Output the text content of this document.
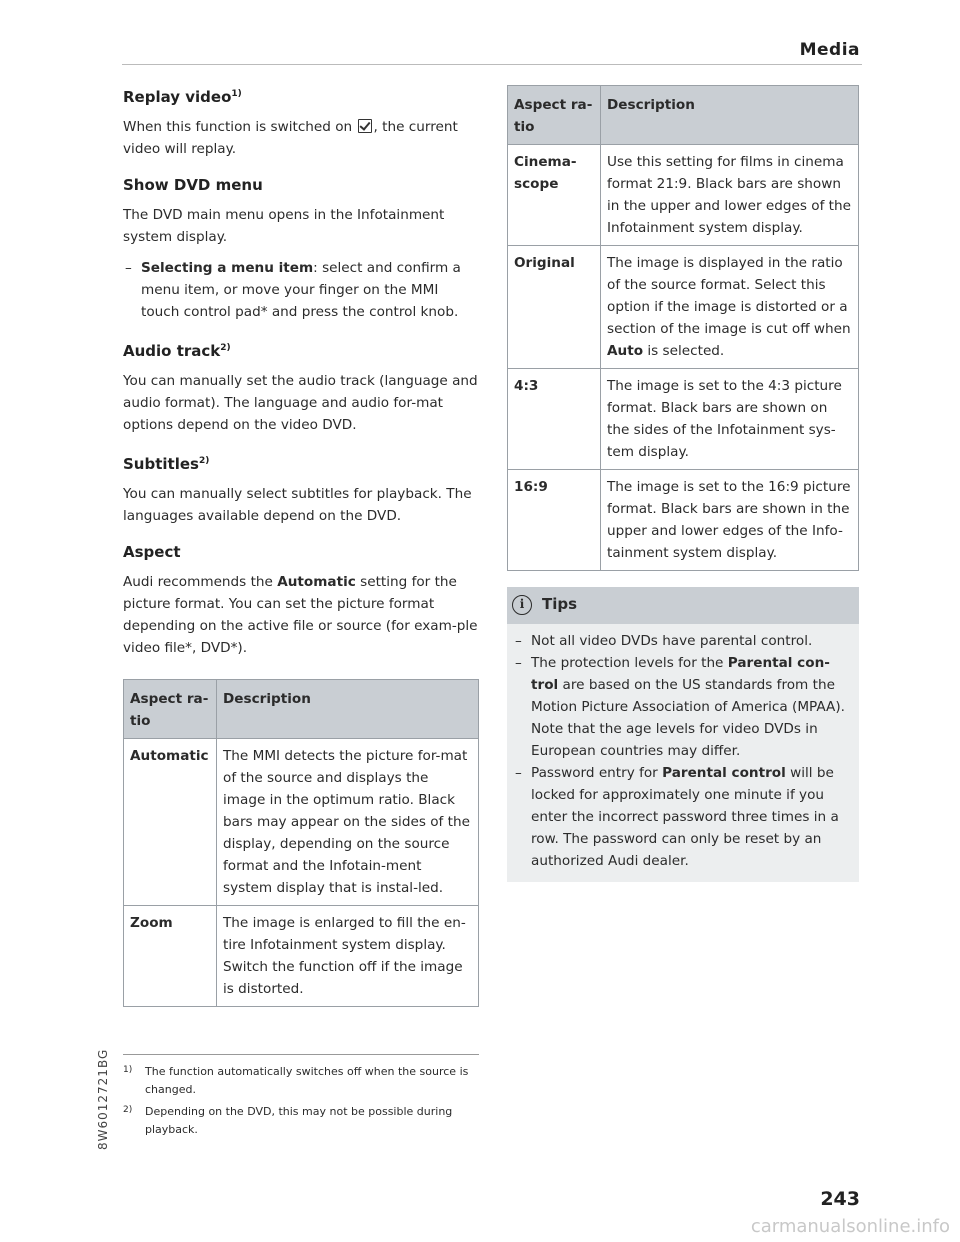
Media
Replay video$^{1)}$

When this function is switched on , the current video will replay.

Show DVD menu

The DVD main menu opens in the Infotainment system display.

– Selecting a menu item: select and confirm a menu item, or move your finger on the MMI touch control pad* and press the control knob.

Audio track$^{2)}$

You can manually set the audio track (language and audio format). The language and audio for-mat options depend on the video DVD.

Subtitles$^{2)}$

You can manually select subtitles for playback. The languages available depend on the DVD.

Aspect

Audi recommends the Automatic setting for the picture format. You can set the picture format depending on the active file or source (for exam-ple video file*, DVD*).

Aspect ra-tio	Description
Automatic	The MMI detects the picture for-mat of the source and displays the image in the optimum ratio. Black bars may appear on the sides of the display, depending on the source format and the Infotain-ment system display that is instal-led.
Zoom	The image is enlarged to fill the en-tire Infotainment system display. Switch the function off if the image is distorted.
Aspect ra-tio	Description
Cinema-scope	Use this setting for films in cinema format 21:9. Black bars are shown in the upper and lower edges of the Infotainment system display.
Original	The image is displayed in the ratio of the source format. Select this option if the image is distorted or a section of the image is cut off when Auto is selected.
4:3	The image is set to the 4:3 picture format. Black bars are shown on the sides of the Infotainment sys-tem display.
16:9	The image is set to the 16:9 picture format. Black bars are shown in the upper and lower edges of the Info-tainment system display.
i	Tips

– Not all video DVDs have parental control.

– The protection levels for the Parental con-trol are based on the US standards from the Motion Picture Association of America (MPAA). Note that the age levels for video DVDs in European countries may differ.

– Password entry for Parental control will be locked for approximately one minute if you enter the incorrect password three times in a row. The password can only be reset by an authorized Audi dealer.

1) The function automatically switches off when the source is changed.
2) Depending on the DVD, this may not be possible during playback.
8W6012721BG
243
carmanualsonline.info
